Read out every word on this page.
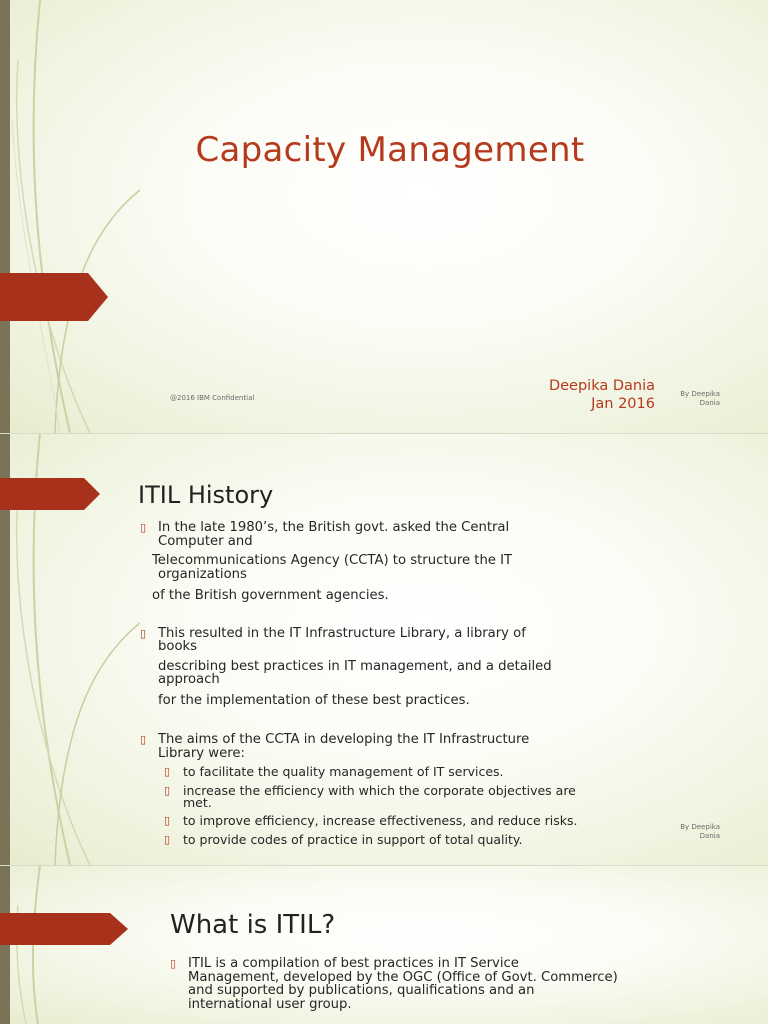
Capacity Management
Deepika Dania
Jan 2016
@2016 IBM Confidential	By Deepika
Dania
ITIL History
▯ In the late 1980’s, the British govt. asked the Central
Computer and
Telecommunications Agency (CCTA) to structure the IT
organizations
of the British government agencies.
▯ This resulted in the IT Infrastructure Library, a library of
books
describing best practices in IT management, and a detailed
approach
for the implementation of these best practices.
▯ The aims of the CCTA in developing the IT Infrastructure
Library were:
▯ to facilitate the quality management of IT services.
▯ increase the efficiency with which the corporate objectives are
met.
▯ to improve efficiency, increase effectiveness, and reduce risks.
▯ to provide codes of practice in support of total quality.
By Deepika
Dania
What is ITIL?
▯ ITIL is a compilation of best practices in IT Service
Management, developed by the OGC (Office of Govt. Commerce)
and supported by publications, qualifications and an
international user group.
